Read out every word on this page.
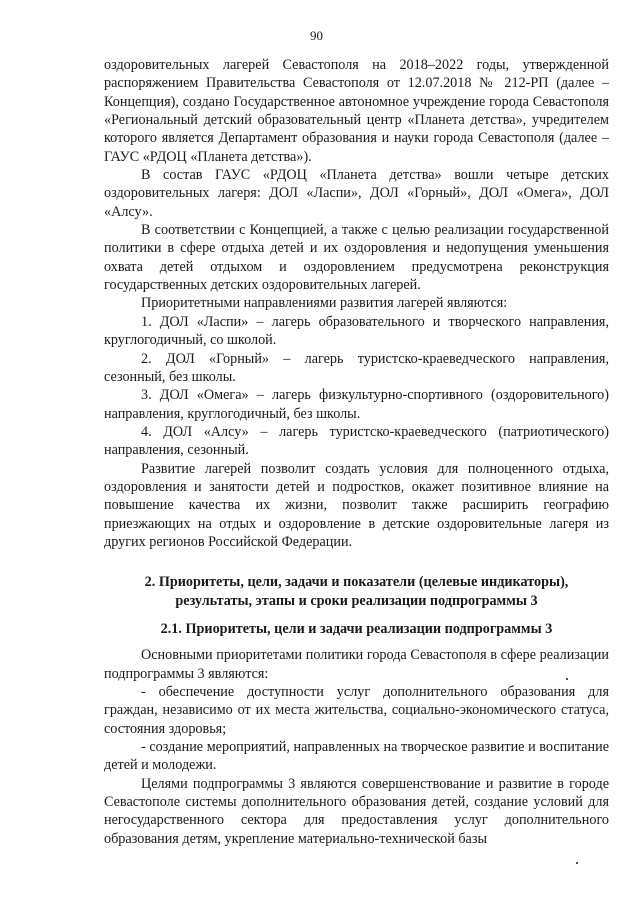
90

оздоровительных лагерей Севастополя на 2018–2022 годы, утвержденной распоряжением Правительства Севастополя от 12.07.2018 № 212-РП (далее – Концепция), создано Государственное автономное учреждение города Севастополя «Региональный детский образовательный центр «Планета детства», учредителем которого является Департамент образования и науки города Севастополя (далее – ГАУС «РДОЦ «Планета детства»).

В состав ГАУС «РДОЦ «Планета детства» вошли четыре детских оздоровительных лагеря: ДОЛ «Ласпи», ДОЛ «Горный», ДОЛ «Омега», ДОЛ «Алсу».

В соответствии с Концепцией, а также с целью реализации государственной политики в сфере отдыха детей и их оздоровления и недопущения уменьшения охвата детей отдыхом и оздоровлением предусмотрена реконструкция государственных детских оздоровительных лагерей.

Приоритетными направлениями развития лагерей являются:

1. ДОЛ «Ласпи» – лагерь образовательного и творческого направления, круглогодичный, со школой.

2. ДОЛ «Горный» – лагерь туристско-краеведческого направления, сезонный, без школы.

3. ДОЛ «Омега» – лагерь физкультурно-спортивного (оздоровительного) направления, круглогодичный, без школы.

4. ДОЛ «Алсу» – лагерь туристско-краеведческого (патриотического) направления, сезонный.

Развитие лагерей позволит создать условия для полноценного отдыха, оздоровления и занятости детей и подростков, окажет позитивное влияние на повышение качества их жизни, позволит также расширить географию приезжающих на отдых и оздоровление в детские оздоровительные лагеря из других регионов Российской Федерации.

2. Приоритеты, цели, задачи и показатели (целевые индикаторы),

результаты, этапы и сроки реализации подпрограммы 3

2.1. Приоритеты, цели и задачи реализации подпрограммы 3

Основными приоритетами политики города Севастополя в сфере реализации подпрограммы 3 являются:

- обеспечение доступности услуг дополнительного образования для граждан, независимо от их места жительства, социально-экономического статуса, состояния здоровья;

- создание мероприятий, направленных на творческое развитие и воспитание детей и молодежи.

Целями подпрограммы 3 являются совершенствование и развитие в городе Севастополе системы дополнительного образования детей, создание условий для негосударственного сектора для предоставления услуг дополнительного образования детям, укрепление материально-технической базы
